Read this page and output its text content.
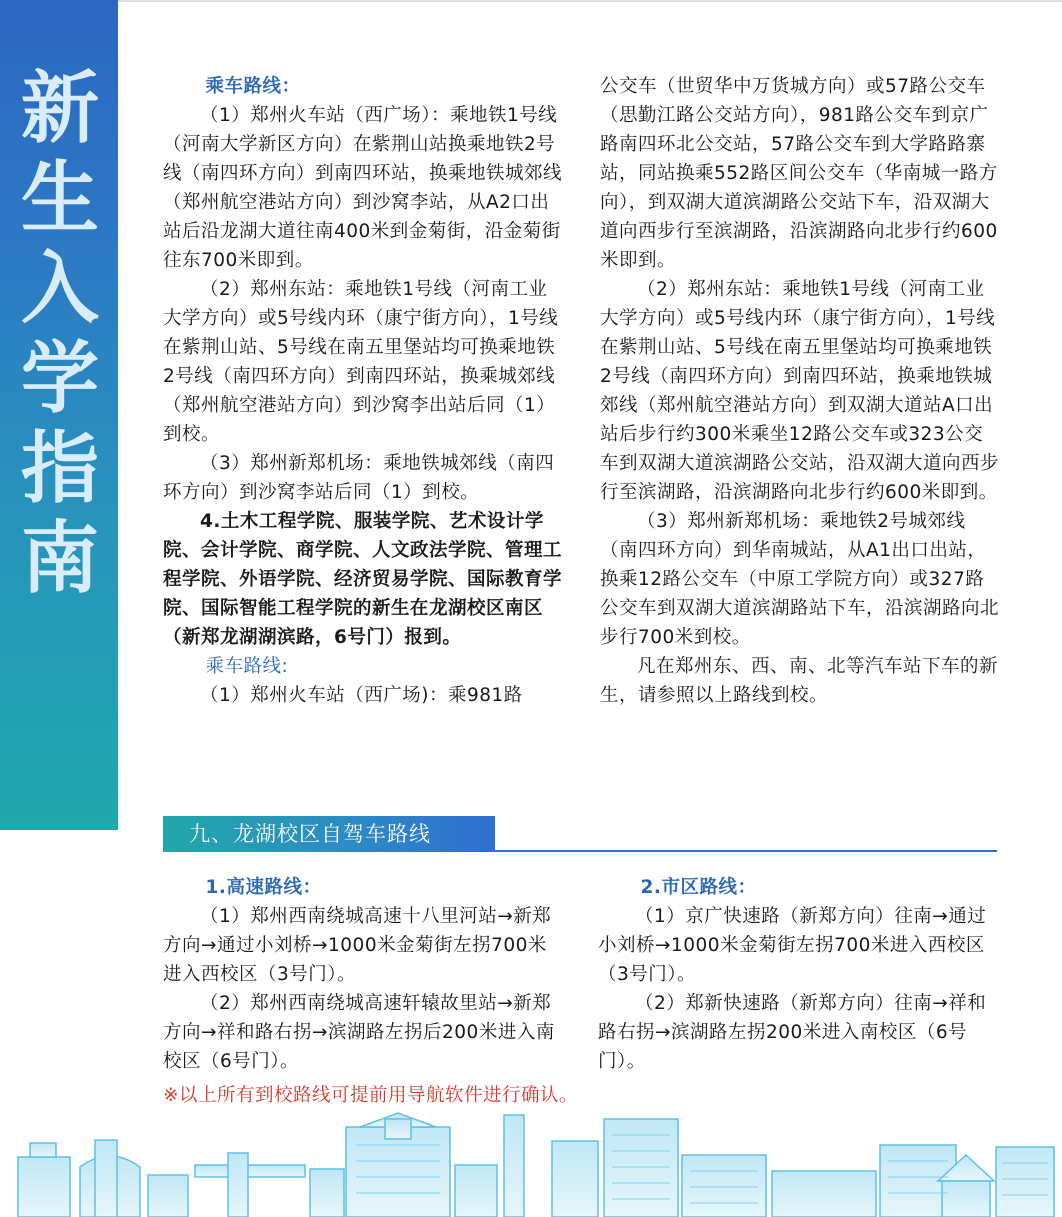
新
生
入
学
指
南

乘车路线：

（1）郑州火车站（西广场）：乘地铁1号线（河南大学新区方向）在紫荆山站换乘地铁2号线（南四环方向）到南四环站，换乘地铁城郊线（郑州航空港站方向）到沙窝李站，从A2口出站后沿龙湖大道往南400米到金菊街，沿金菊街往东700米即到。

（2）郑州东站：乘地铁1号线（河南工业大学方向）或5号线内环（康宁街方向），1号线在紫荆山站、5号线在南五里堡站均可换乘地铁2号线（南四环方向）到南四环站，换乘城郊线（郑州航空港站方向）到沙窝李出站后同（1）到校。

（3）郑州新郑机场：乘地铁城郊线（南四环方向）到沙窝李站后同（1）到校。

4.土木工程学院、服装学院、艺术设计学院、会计学院、商学院、人文政法学院、管理工程学院、外语学院、经济贸易学院、国际教育学院、国际智能工程学院的新生在龙湖校区南区（新郑龙湖湖滨路，6号门）报到。

乘车路线:

（1）郑州火车站（西广场)：乘981路

公交车（世贸华中万货城方向）或57路公交车（思勤江路公交站方向），981路公交车到京广路南四环北公交站，57路公交车到大学路路寨站，同站换乘552路区间公交车（华南城一路方向），到双湖大道滨湖路公交站下车，沿双湖大道向西步行至滨湖路，沿滨湖路向北步行约600米即到。

（2）郑州东站：乘地铁1号线（河南工业大学方向）或5号线内环（康宁街方向），1号线在紫荆山站、5号线在南五里堡站均可换乘地铁2号线（南四环方向）到南四环站，换乘地铁城郊线（郑州航空港站方向）到双湖大道站A口出站后步行约300米乘坐12路公交车或323公交车到双湖大道滨湖路公交站，沿双湖大道向西步行至滨湖路，沿滨湖路向北步行约600米即到。

（3）郑州新郑机场：乘地铁2号城郊线（南四环方向）到华南城站，从A1出口出站，换乘12路公交车（中原工学院方向）或327路公交车到双湖大道滨湖路站下车，沿滨湖路向北步行700米到校。

凡在郑州东、西、南、北等汽车站下车的新生，请参照以上路线到校。

九、龙湖校区自驾车路线

1.高速路线：

（1）郑州西南绕城高速十八里河站→新郑方向→通过小刘桥→1000米金菊街左拐700米进入西校区（3号门）。

（2）郑州西南绕城高速轩辕故里站→新郑方向→祥和路右拐→滨湖路左拐后200米进入南校区（6号门）。

2.市区路线：

（1）京广快速路（新郑方向）往南→通过小刘桥→1000米金菊街左拐700米进入西校区（3号门）。

（2）郑新快速路（新郑方向）往南→祥和路右拐→滨湖路左拐200米进入南校区（6号门）。

※以上所有到校路线可提前用导航软件进行确认。
